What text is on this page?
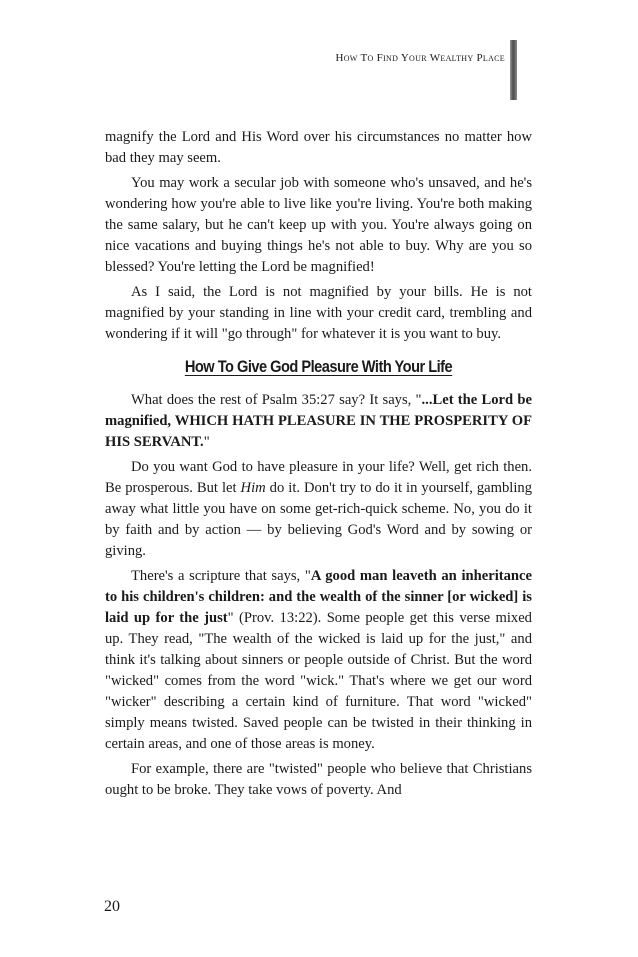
How To Find Your Wealthy Place

magnify the Lord and His Word over his circumstances no matter how bad they may seem.

You may work a secular job with someone who's unsaved, and he's wondering how you're able to live like you're living. You're both making the same salary, but he can't keep up with you. You're always going on nice vacations and buying things he's not able to buy. Why are you so blessed? You're letting the Lord be magnified!

As I said, the Lord is not magnified by your bills. He is not magnified by your standing in line with your credit card, trembling and wondering if it will "go through" for whatever it is you want to buy.

How To Give God Pleasure With Your Life

What does the rest of Psalm 35:27 say? It says, "...Let the Lord be magnified, WHICH HATH PLEASURE IN THE PROSPERITY OF HIS SERVANT."

Do you want God to have pleasure in your life? Well, get rich then. Be prosperous. But let Him do it. Don't try to do it in yourself, gambling away what little you have on some get-rich-quick scheme. No, you do it by faith and by action — by believing God's Word and by sowing or giving.

There's a scripture that says, "A good man leaveth an inheritance to his children's children: and the wealth of the sinner [or wicked] is laid up for the just" (Prov. 13:22). Some people get this verse mixed up. They read, "The wealth of the wicked is laid up for the just," and think it's talking about sinners or people outside of Christ. But the word "wicked" comes from the word "wick." That's where we get our word "wicker" describing a certain kind of furniture. That word "wicked" simply means twisted. Saved people can be twisted in their thinking in certain areas, and one of those areas is money.

For example, there are "twisted" people who believe that Christians ought to be broke. They take vows of poverty. And

20
